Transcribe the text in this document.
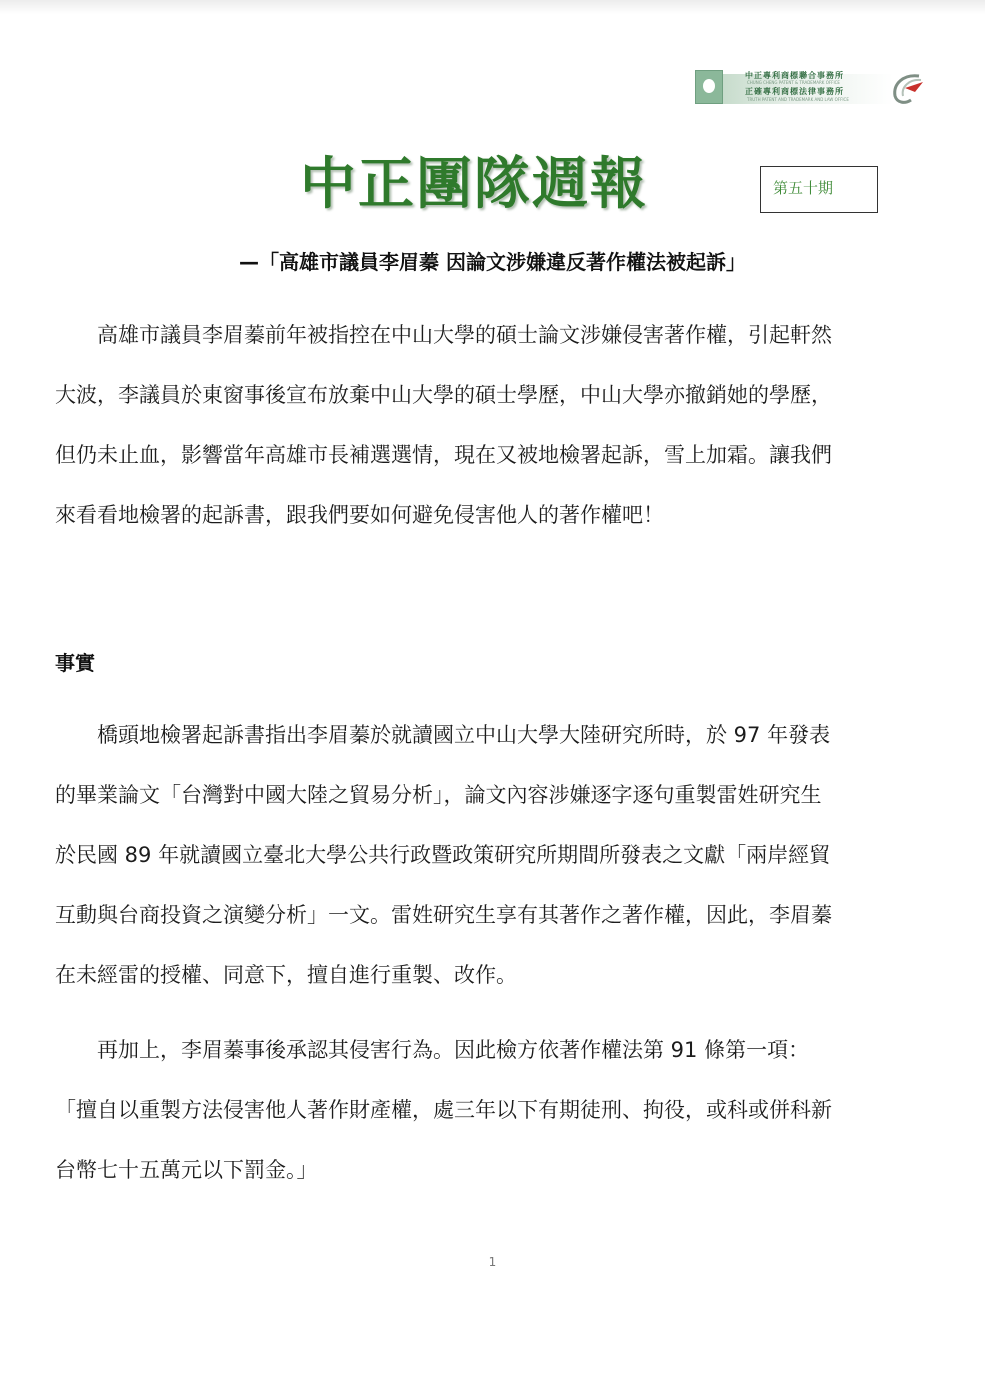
中正專利商標聯合事務所
CHUNG CHENG PATENT & TRADEMARK OFFICE
正確專利商標法律事務所
TRUTH PATENT AND TRADEMARK AND LAW OFFICE
中正團隊週報	第五十期
—「高雄市議員李眉蓁 因論文涉嫌違反著作權法被起訴」
　　高雄市議員李眉蓁前年被指控在中山大學的碩士論文涉嫌侵害著作權，引起軒然
大波，李議員於東窗事後宣布放棄中山大學的碩士學歷，中山大學亦撤銷她的學歷，
但仍未止血，影響當年高雄市長補選選情，現在又被地檢署起訴，雪上加霜。讓我們
來看看地檢署的起訴書，跟我們要如何避免侵害他人的著作權吧！
事實
　　橋頭地檢署起訴書指出李眉蓁於就讀國立中山大學大陸研究所時，於 97 年發表
的畢業論文「台灣對中國大陸之貿易分析」，論文內容涉嫌逐字逐句重製雷姓研究生
於民國 89 年就讀國立臺北大學公共行政暨政策研究所期間所發表之文獻「兩岸經貿
互動與台商投資之演變分析」一文。雷姓研究生享有其著作之著作權，因此，李眉蓁
在未經雷的授權、同意下，擅自進行重製、改作。
　　再加上，李眉蓁事後承認其侵害行為。因此檢方依著作權法第 91 條第一項：
「擅自以重製方法侵害他人著作財產權，處三年以下有期徒刑、拘役，或科或併科新
台幣七十五萬元以下罰金。」
1
